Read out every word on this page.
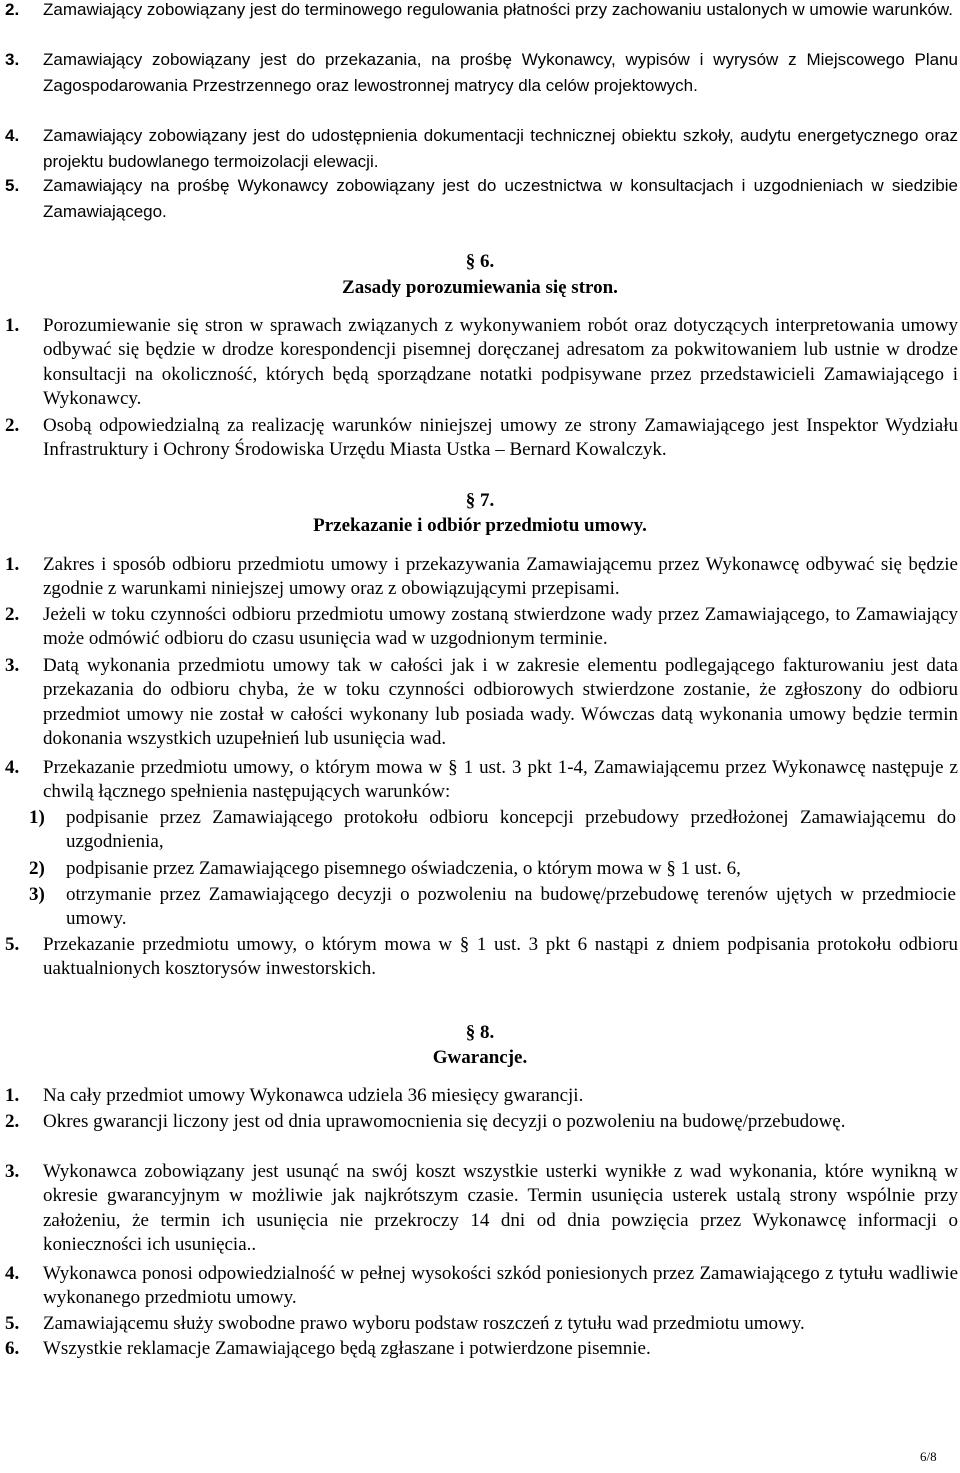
2. Zamawiający zobowiązany jest do terminowego regulowania płatności przy zachowaniu ustalonych w umowie warunków.
3. Zamawiający zobowiązany jest do przekazania, na prośbę Wykonawcy, wypisów i wyrysów z Miejscowego Planu Zagospodarowania Przestrzennego oraz lewostronnej matrycy dla celów projektowych.
4. Zamawiający zobowiązany jest do udostępnienia dokumentacji technicznej obiektu szkoły, audytu energetycznego oraz projektu budowlanego termoizolacji elewacji.
5. Zamawiający na prośbę Wykonawcy zobowiązany jest do uczestnictwa w konsultacjach i uzgodnieniach w siedzibie Zamawiającego.
§ 6.
Zasady porozumiewania się stron.
1. Porozumiewanie się stron w sprawach związanych z wykonywaniem robót oraz dotyczących interpretowania umowy odbywać się będzie w drodze korespondencji pisemnej doręczanej adresatom za pokwitowaniem lub ustnie w drodze konsultacji na okoliczność, których będą sporządzane notatki podpisywane przez przedstawicieli Zamawiającego i Wykonawcy.
2. Osobą odpowiedzialną za realizację warunków niniejszej umowy ze strony Zamawiającego jest Inspektor Wydziału Infrastruktury i Ochrony Środowiska Urzędu Miasta Ustka – Bernard Kowalczyk.
§ 7.
Przekazanie i odbiór przedmiotu umowy.
1. Zakres i sposób odbioru przedmiotu umowy i przekazywania Zamawiającemu przez Wykonawcę odbywać się będzie zgodnie z warunkami niniejszej umowy oraz z obowiązującymi przepisami.
2. Jeżeli w toku czynności odbioru przedmiotu umowy zostaną stwierdzone wady przez Zamawiającego, to Zamawiający może odmówić odbioru do czasu usunięcia wad w uzgodnionym terminie.
3. Datą wykonania przedmiotu umowy tak w całości jak i w zakresie elementu podlegającego fakturowaniu jest data przekazania do odbioru chyba, że w toku czynności odbiorowych stwierdzone zostanie, że zgłoszony do odbioru przedmiot umowy nie został w całości wykonany lub posiada wady. Wówczas datą wykonania umowy będzie termin dokonania wszystkich uzupełnień lub usunięcia wad.
4. Przekazanie przedmiotu umowy, o którym mowa w § 1 ust. 3 pkt 1-4, Zamawiającemu przez Wykonawcę następuje z chwilą łącznego spełnienia następujących warunków:
1) podpisanie przez Zamawiającego protokołu odbioru koncepcji przebudowy przedłożonej Zamawiającemu do uzgodnienia,
2) podpisanie przez Zamawiającego pisemnego oświadczenia, o którym mowa w § 1 ust. 6,
3) otrzymanie przez Zamawiającego decyzji o pozwoleniu na budowę/przebudowę terenów ujętych w przedmiocie umowy.
5. Przekazanie przedmiotu umowy, o którym mowa w § 1 ust. 3 pkt 6 nastąpi z dniem podpisania protokołu odbioru uaktualnionych kosztorysów inwestorskich.
§ 8.
Gwarancje.
1. Na cały przedmiot umowy Wykonawca udziela 36 miesięcy gwarancji.
2. Okres gwarancji liczony jest od dnia uprawomocnienia się decyzji o pozwoleniu na budowę/przebudowę.
3. Wykonawca zobowiązany jest usunąć na swój koszt wszystkie usterki wynikłe z wad wykonania, które wynikną w okresie gwarancyjnym w możliwie jak najkrótszym czasie. Termin usunięcia usterek ustalą strony wspólnie przy założeniu, że termin ich usunięcia nie przekroczy 14 dni od dnia powzięcia przez Wykonawcę informacji o konieczności ich usunięcia..
4. Wykonawca ponosi odpowiedzialność w pełnej wysokości szkód poniesionych przez Zamawiającego z tytułu wadliwie wykonanego przedmiotu umowy.
5. Zamawiającemu służy swobodne prawo wyboru podstaw roszczeń z tytułu wad przedmiotu umowy.
6. Wszystkie reklamacje Zamawiającego będą zgłaszane i potwierdzone pisemnie.
6/8
